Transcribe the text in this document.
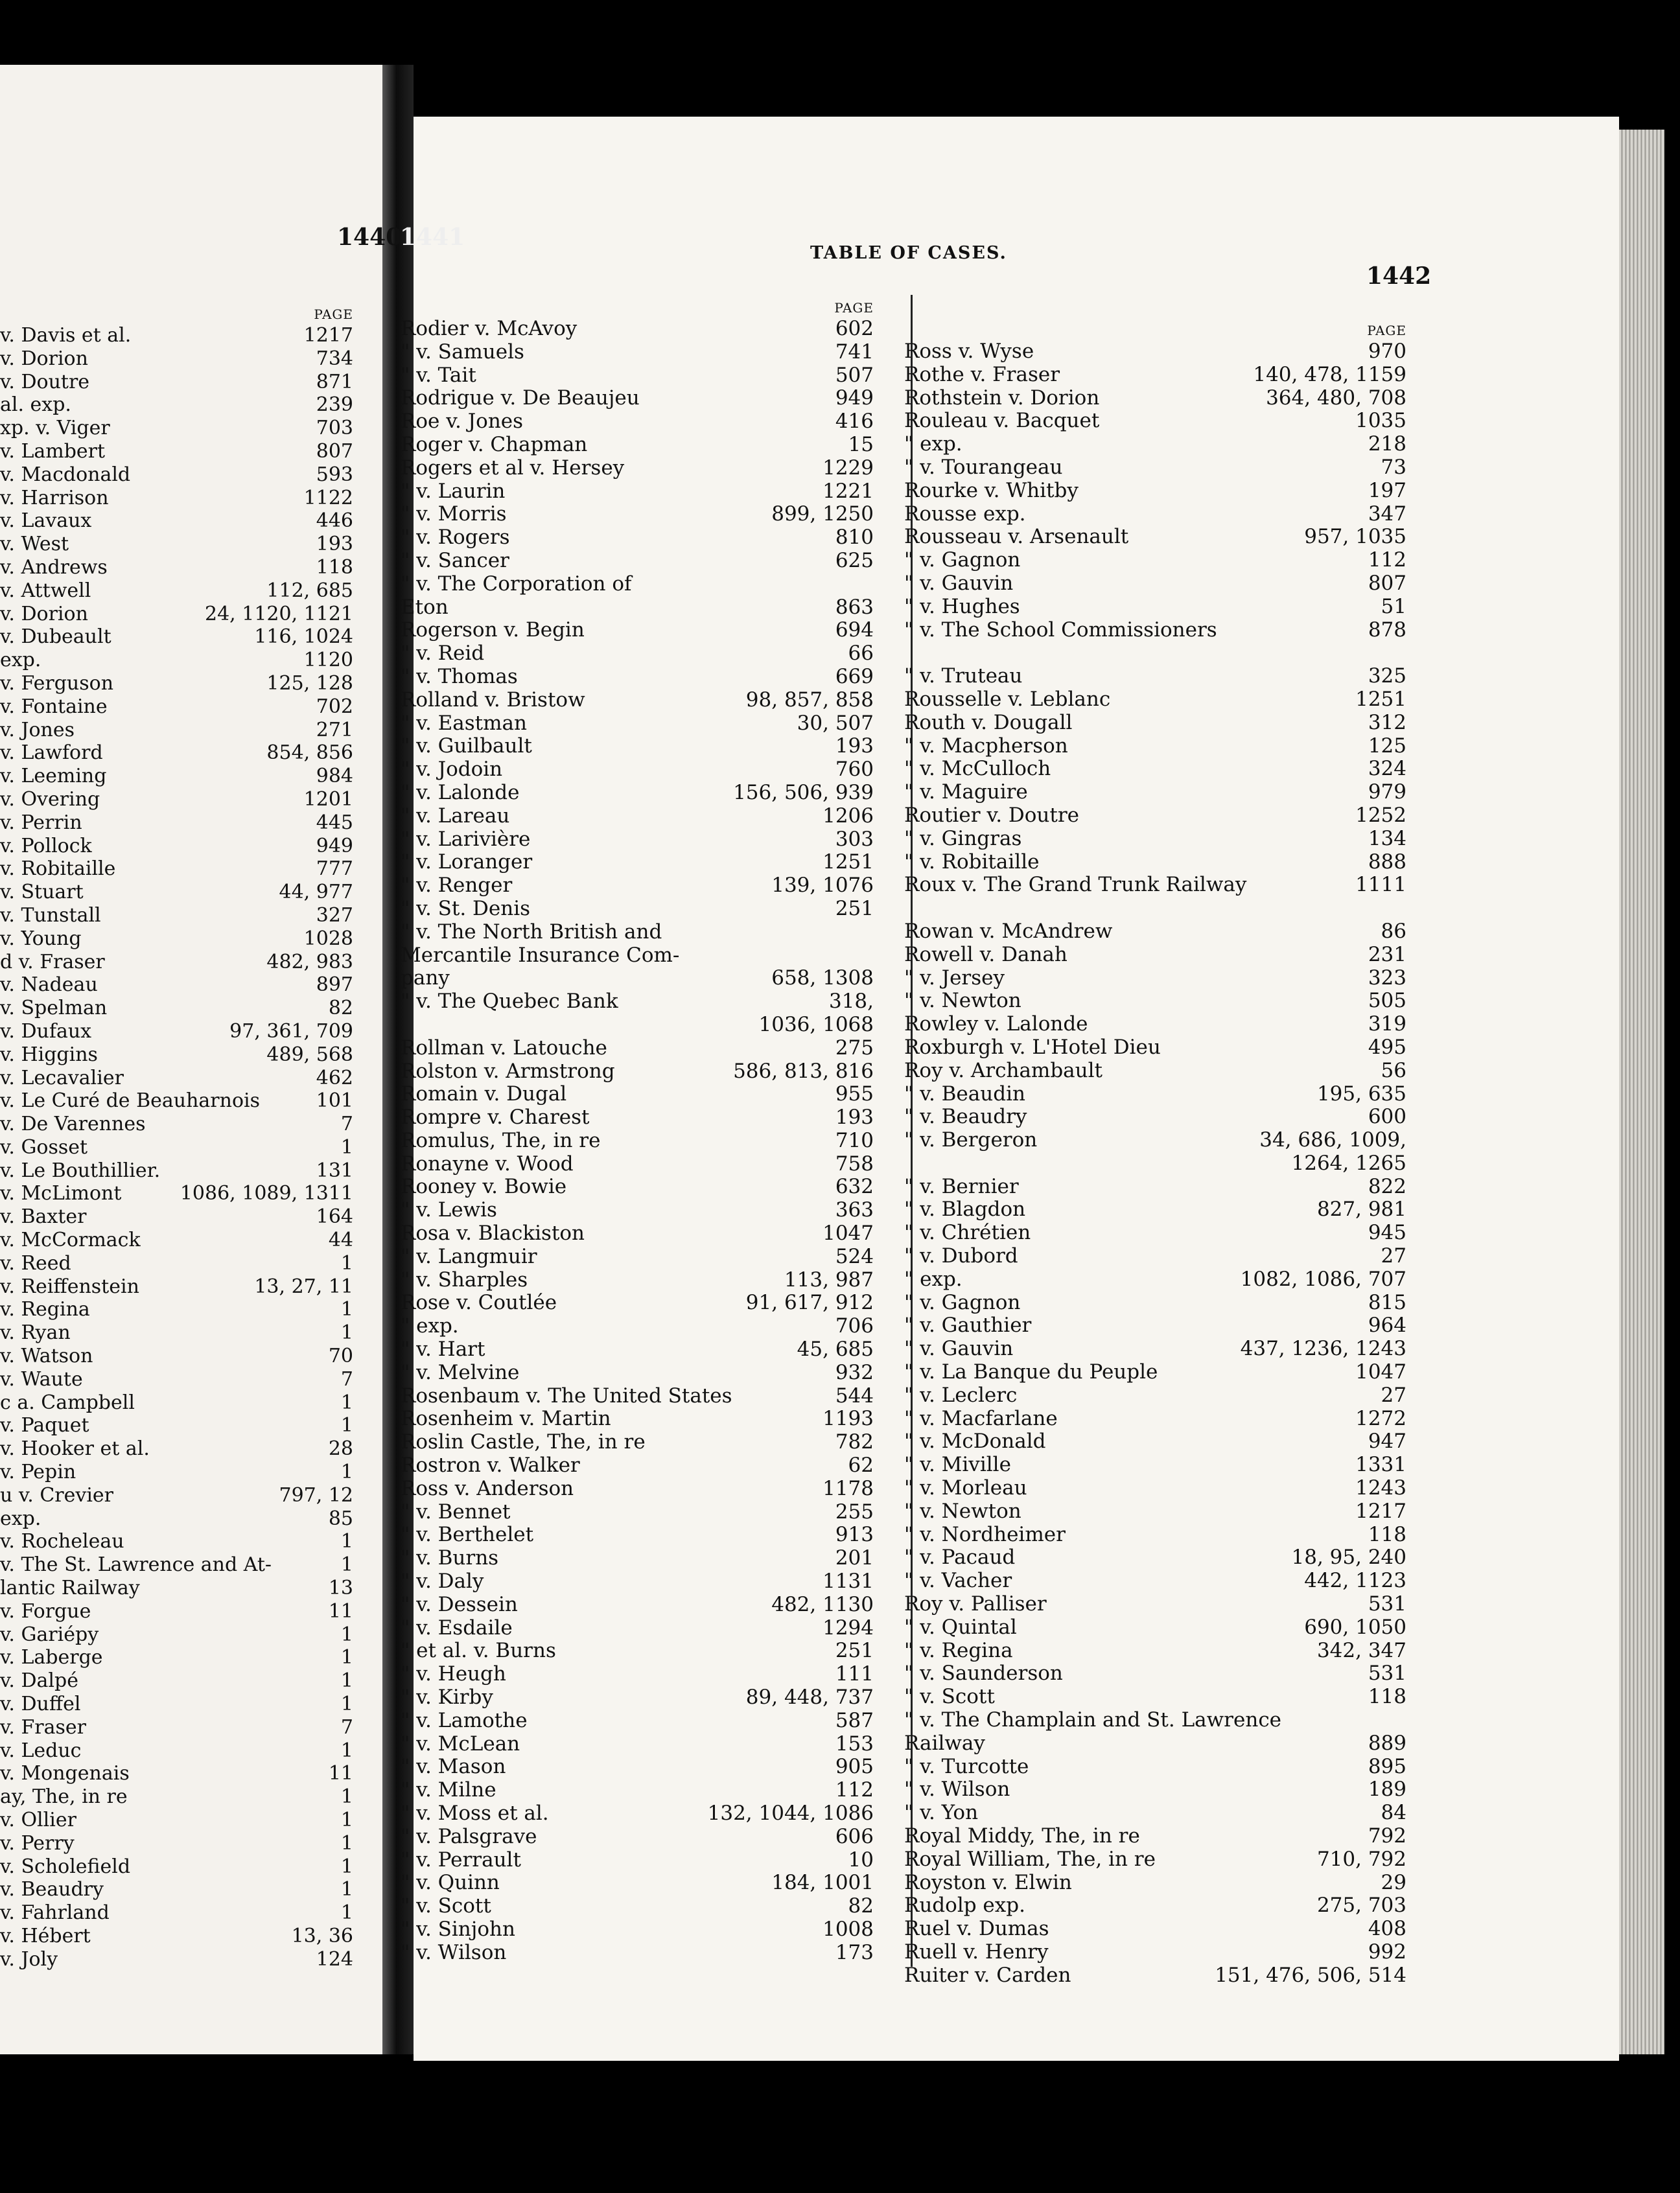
1440
1441
1442
TABLE OF CASES.
PAGE
v. Davis et al.	1217
v. Dorion	734
v. Doutre	871
al. exp.	239
xp. v. Viger	703
v. Lambert	807
v. Macdonald	593
v. Harrison	1122
v. Lavaux	446
v. West	193
v. Andrews	118
v. Attwell	112, 685
v. Dorion	24, 1120, 1121
v. Dubeault	116, 1024
exp.	1120
v. Ferguson	125, 128
v. Fontaine	702
v. Jones	271
v. Lawford	854, 856
v. Leeming	984
v. Overing	1201
v. Perrin	445
v. Pollock	949
v. Robitaille	777
v. Stuart	44, 977
v. Tunstall	327
v. Young	1028
d v. Fraser	482, 983
v. Nadeau	897
v. Spelman	82
v. Dufaux	97, 361, 709
v. Higgins	489, 568
v. Lecavalier	462
v. Le Curé de Beauharnois	101
v. De Varennes	7
v. Gosset	1
v. Le Bouthillier.	131
v. McLimont	1086, 1089, 1311
v. Baxter	164
v. McCormack	44
v. Reed	1
v. Reiffenstein	13, 27, 11
v. Regina	1
v. Ryan	1
v. Watson	70
v. Waute	7
c a. Campbell	1
v. Paquet	1
v. Hooker et al.	28
v. Pepin	1
u v. Crevier	797, 12
exp.	85
v. Rocheleau	1
v. The St. Lawrence and At-	1
lantic Railway	13
v. Forgue	11
v. Gariépy	1
v. Laberge	1
v. Dalpé	1
v. Duffel	1
v. Fraser	7
v. Leduc	1
v. Mongenais	11
ay, The, in re	1
v. Ollier	1
v. Perry	1
v. Scholefield	1
v. Beaudry	1
v. Fahrland	1
v. Hébert	13, 36
v. Joly	124
PAGE
Rodier v. McAvoy	602
" v. Samuels	741
" v. Tait	507
Rodrigue v. De Beaujeu	949
Roe v. Jones	416
Roger v. Chapman	15
Rogers et al v. Hersey	1229
" v. Laurin	1221
" v. Morris	899, 1250
" v. Rogers	810
" v. Sancer	625
" v. The Corporation of
Eton	863
Rogerson v. Begin	694
" v. Reid	66
" v. Thomas	669
Rolland v. Bristow	98, 857, 858
" v. Eastman	30, 507
" v. Guilbault	193
" v. Jodoin	760
" v. Lalonde	156, 506, 939
" v. Lareau	1206
" v. Larivière	303
" v. Loranger	1251
" v. Renger	139, 1076
" v. St. Denis	251
" v. The North British and
Mercantile Insurance Com-
pany	658, 1308
" v. The Quebec Bank	318,
1036, 1068
Rollman v. Latouche	275
Rolston v. Armstrong	586, 813, 816
Romain v. Dugal	955
Rompre v. Charest	193
Romulus, The, in re	710
Ronayne v. Wood	758
Rooney v. Bowie	632
" v. Lewis	363
Rosa v. Blackiston	1047
" v. Langmuir	524
" v. Sharples	113, 987
Rose v. Coutlée	91, 617, 912
" exp.	706
" v. Hart	45, 685
" v. Melvine	932
Rosenbaum v. The United States	544
Rosenheim v. Martin	1193
Roslin Castle, The, in re	782
Rostron v. Walker	62
Ross v. Anderson	1178
" v. Bennet	255
" v. Berthelet	913
" v. Burns	201
" v. Daly	1131
" v. Dessein	482, 1130
" v. Esdaile	1294
" et al. v. Burns	251
" v. Heugh	111
" v. Kirby	89, 448, 737
" v. Lamothe	587
" v. McLean	153
" v. Mason	905
" v. Milne	112
" v. Moss et al.	132, 1044, 1086
" v. Palsgrave	606
" v. Perrault	10
" v. Quinn	184, 1001
" v. Scott	82
" v. Sinjohn	1008
" v. Wilson	173
PAGE
Ross v. Wyse	970
Rothe v. Fraser	140, 478, 1159
Rothstein v. Dorion	364, 480, 708
Rouleau v. Bacquet	1035
" exp.	218
" v. Tourangeau	73
Rourke v. Whitby	197
Rousse exp.	347
Rousseau v. Arsenault	957, 1035
" v. Gagnon	112
" v. Gauvin	807
" v. Hughes	51
" v. The School Commissioners	878
" v. Truteau	325
Rousselle v. Leblanc	1251
Routh v. Dougall	312
" v. Macpherson	125
" v. McCulloch	324
" v. Maguire	979
Routier v. Doutre	1252
" v. Gingras	134
" v. Robitaille	888
Roux v. The Grand Trunk Railway	1111
Rowan v. McAndrew	86
Rowell v. Danah	231
" v. Jersey	323
" v. Newton	505
Rowley v. Lalonde	319
Roxburgh v. L'Hotel Dieu	495
Roy v. Archambault	56
" v. Beaudin	195, 635
" v. Beaudry	600
" v. Bergeron	34, 686, 1009,
1264, 1265
" v. Bernier	822
" v. Blagdon	827, 981
" v. Chrétien	945
" v. Dubord	27
" exp.	1082, 1086, 707
" v. Gagnon	815
" v. Gauthier	964
" v. Gauvin	437, 1236, 1243
" v. La Banque du Peuple	1047
" v. Leclerc	27
" v. Macfarlane	1272
" v. McDonald	947
" v. Miville	1331
" v. Morleau	1243
" v. Newton	1217
" v. Nordheimer	118
" v. Pacaud	18, 95, 240
" v. Vacher	442, 1123
Roy v. Palliser	531
" v. Quintal	690, 1050
" v. Regina	342, 347
" v. Saunderson	531
" v. Scott	118
" v. The Champlain and St. Lawrence
Railway	889
" v. Turcotte	895
" v. Wilson	189
" v. Yon	84
Royal Middy, The, in re	792
Royal William, The, in re	710, 792
Royston v. Elwin	29
Rudolp exp.	275, 703
Ruel v. Dumas	408
Ruell v. Henry	992
Ruiter v. Carden	151, 476, 506, 514
